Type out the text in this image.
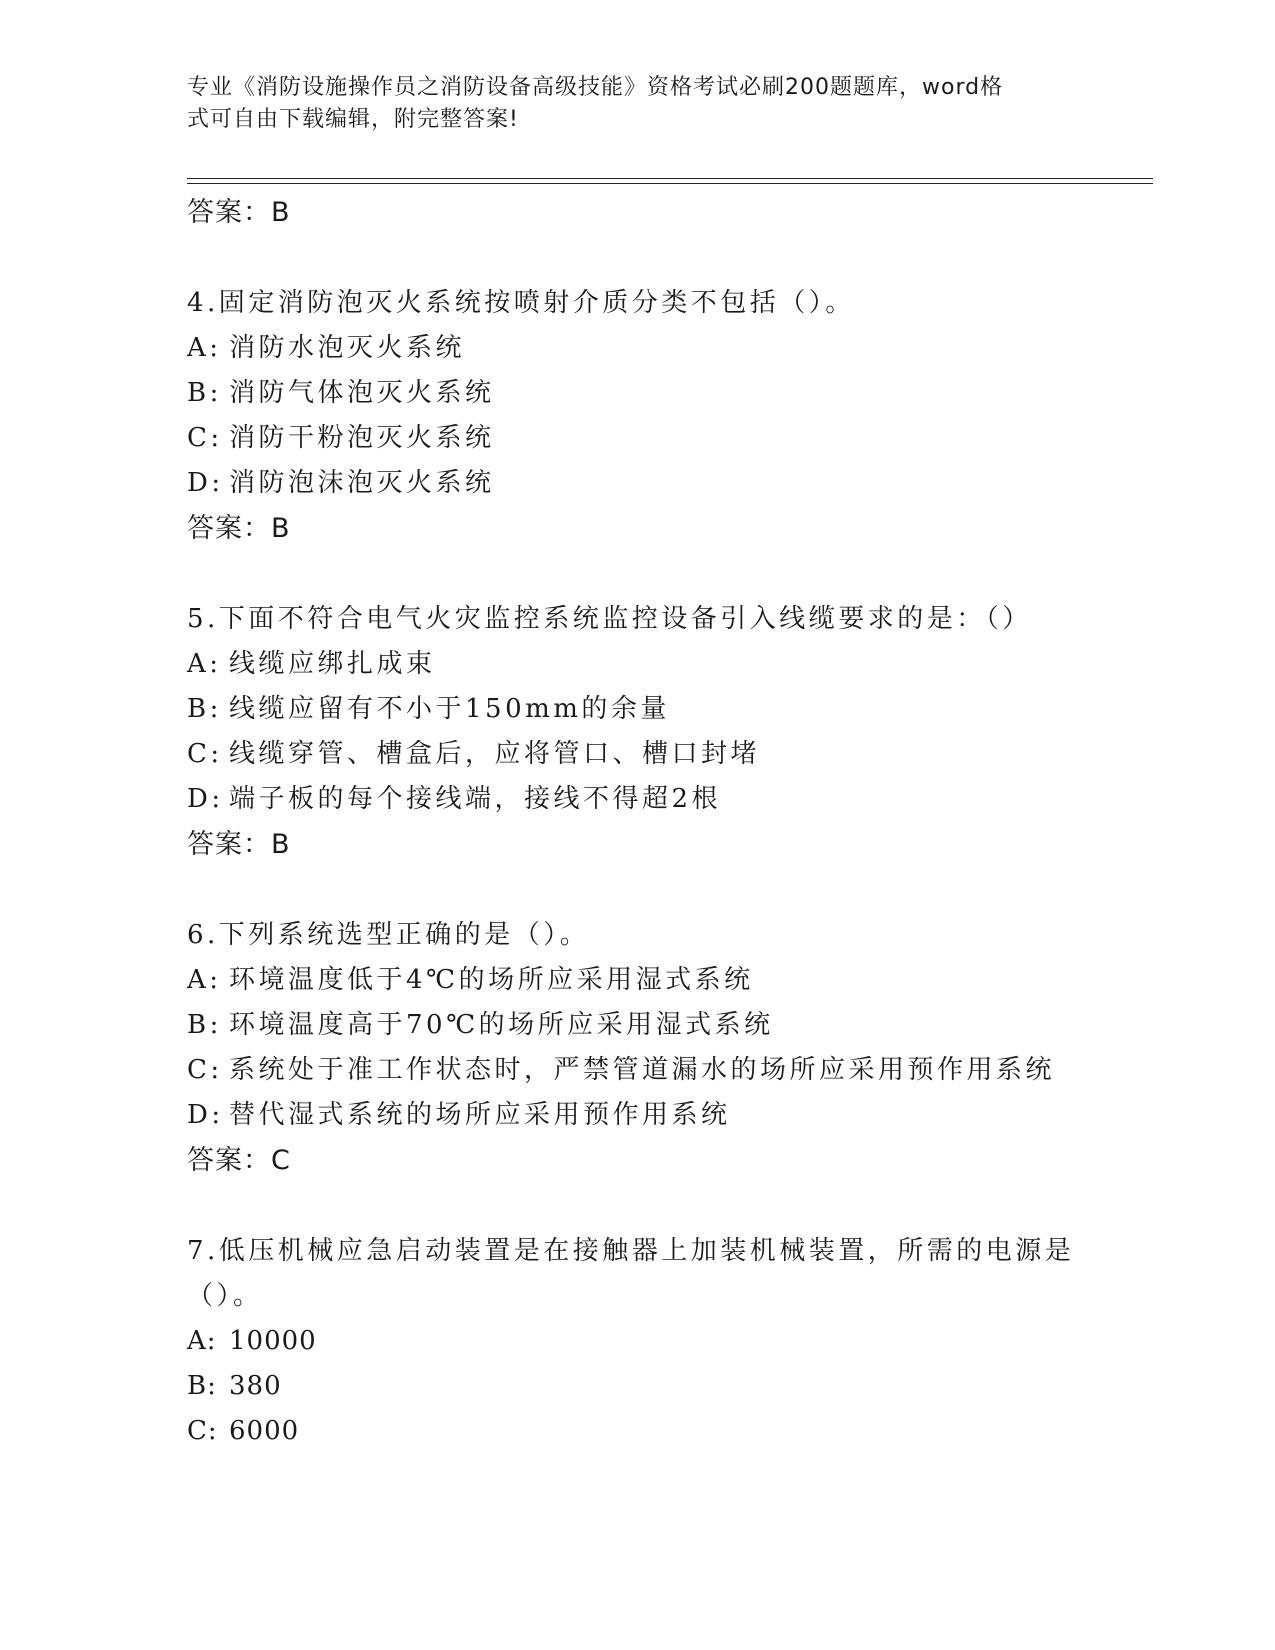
专业《消防设施操作员之消防设备高级技能》资格考试必刷200题题库，word格
式可自由下载编辑，附完整答案!
答案：B
4.固定消防泡灭火系统按喷射介质分类不包括（）。
A: 消防水泡灭火系统
B: 消防气体泡灭火系统
C: 消防干粉泡灭火系统
D: 消防泡沫泡灭火系统
答案：B
5.下面不符合电气火灾监控系统监控设备引入线缆要求的是：（）
A: 线缆应绑扎成束
B: 线缆应留有不小于150mm的余量
C: 线缆穿管、槽盒后，应将管口、槽口封堵
D: 端子板的每个接线端，接线不得超2根
答案：B
6.下列系统选型正确的是（）。
A: 环境温度低于4℃的场所应采用湿式系统
B: 环境温度高于70℃的场所应采用湿式系统
C: 系统处于准工作状态时，严禁管道漏水的场所应采用预作用系统
D: 替代湿式系统的场所应采用预作用系统
答案：C
7.低压机械应急启动装置是在接触器上加装机械装置，所需的电源是
（）。
A: 10000
B: 380
C: 6000
